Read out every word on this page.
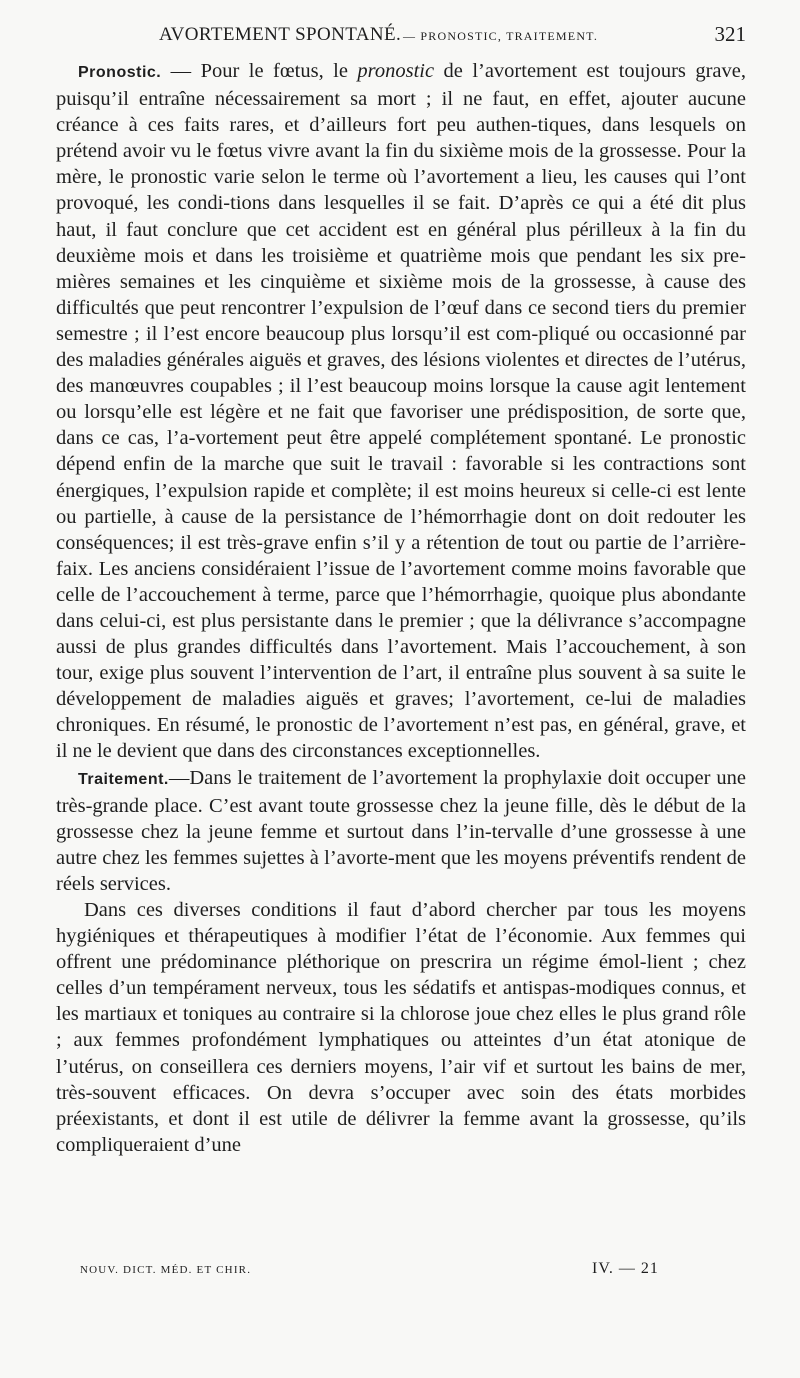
AVORTEMENT SPONTANÉ. — PRONOSTIC, TRAITEMENT.	321

Pronostic. — Pour le fœtus, le pronostic de l’avortement est toujours grave, puisqu’il entraîne nécessairement sa mort ; il ne faut, en effet, ajouter aucune créance à ces faits rares, et d’ailleurs fort peu authen-tiques, dans lesquels on prétend avoir vu le fœtus vivre avant la fin du sixième mois de la grossesse. Pour la mère, le pronostic varie selon le terme où l’avortement a lieu, les causes qui l’ont provoqué, les condi-tions dans lesquelles il se fait. D’après ce qui a été dit plus haut, il faut conclure que cet accident est en général plus périlleux à la fin du deuxième mois et dans les troisième et quatrième mois que pendant les six pre-mières semaines et les cinquième et sixième mois de la grossesse, à cause des difficultés que peut rencontrer l’expulsion de l’œuf dans ce second tiers du premier semestre ; il l’est encore beaucoup plus lorsqu’il est com-pliqué ou occasionné par des maladies générales aiguës et graves, des lésions violentes et directes de l’utérus, des manœuvres coupables ; il l’est beaucoup moins lorsque la cause agit lentement ou lorsqu’elle est légère et ne fait que favoriser une prédisposition, de sorte que, dans ce cas, l’a-vortement peut être appelé complétement spontané. Le pronostic dépend enfin de la marche que suit le travail : favorable si les contractions sont énergiques, l’expulsion rapide et complète; il est moins heureux si celle-ci est lente ou partielle, à cause de la persistance de l’hémorrhagie dont on doit redouter les conséquences; il est très-grave enfin s’il y a rétention de tout ou partie de l’arrière-faix. Les anciens considéraient l’issue de l’avortement comme moins favorable que celle de l’accouchement à terme, parce que l’hémorrhagie, quoique plus abondante dans celui-ci, est plus persistante dans le premier ; que la délivrance s’accompagne aussi de plus grandes difficultés dans l’avortement. Mais l’accouchement, à son tour, exige plus souvent l’intervention de l’art, il entraîne plus souvent à sa suite le développement de maladies aiguës et graves; l’avortement, ce-lui de maladies chroniques. En résumé, le pronostic de l’avortement n’est pas, en général, grave, et il ne le devient que dans des circonstances exceptionnelles.

Traitement.—Dans le traitement de l’avortement la prophylaxie doit occuper une très-grande place. C’est avant toute grossesse chez la jeune fille, dès le début de la grossesse chez la jeune femme et surtout dans l’in-tervalle d’une grossesse à une autre chez les femmes sujettes à l’avorte-ment que les moyens préventifs rendent de réels services.

Dans ces diverses conditions il faut d’abord chercher par tous les moyens hygiéniques et thérapeutiques à modifier l’état de l’économie. Aux femmes qui offrent une prédominance pléthorique on prescrira un régime émol-lient ; chez celles d’un tempérament nerveux, tous les sédatifs et antispas-modiques connus, et les martiaux et toniques au contraire si la chlorose joue chez elles le plus grand rôle ; aux femmes profondément lymphatiques ou atteintes d’un état atonique de l’utérus, on conseillera ces derniers moyens, l’air vif et surtout les bains de mer, très-souvent efficaces. On devra s’occuper avec soin des états morbides préexistants, et dont il est utile de délivrer la femme avant la grossesse, qu’ils compliqueraient d’une

NOUV. DICT. MÉD. ET CHIR.	IV. — 21
